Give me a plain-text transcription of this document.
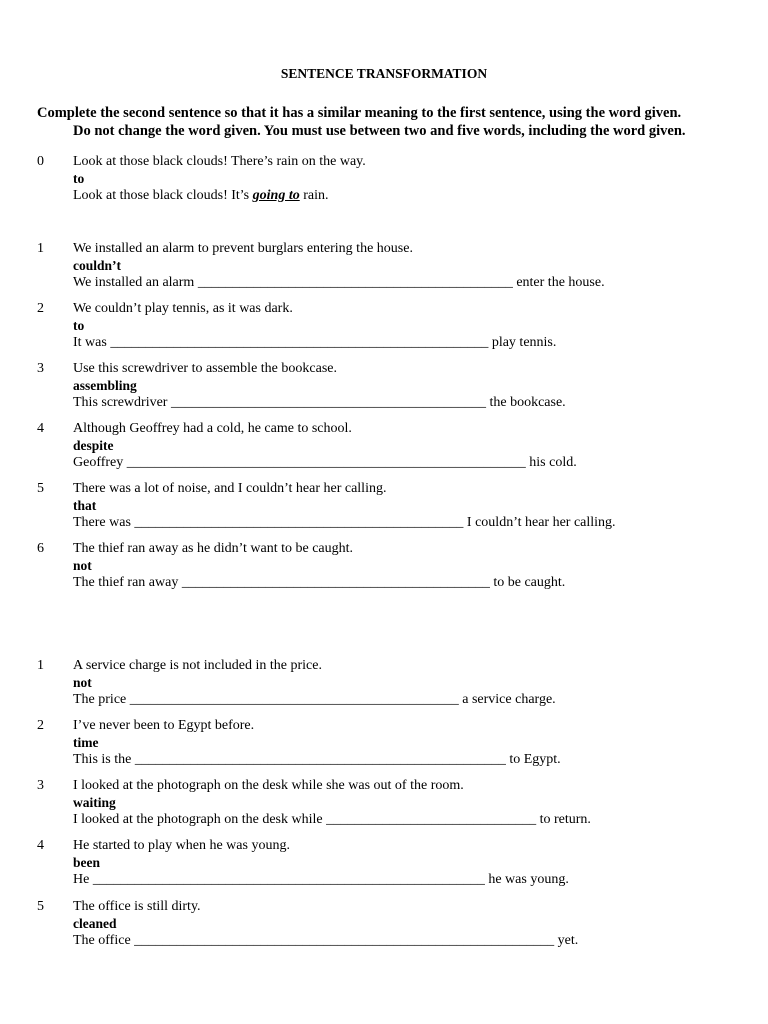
SENTENCE TRANSFORMATION
Complete the second sentence so that it has a similar meaning to the first sentence, using the word given.
Do not change the word given. You must use between two and five words, including the word given.
0 Look at those black clouds! There’s rain on the way.
to
Look at those black clouds! It’s going to rain.
1 We installed an alarm to prevent burglars entering the house.
couldn’t
We installed an alarm _____________________________________________ enter the house.
2 We couldn’t play tennis, as it was dark.
to
It was ______________________________________________________ play tennis.
3 Use this screwdriver to assemble the bookcase.
assembling
This screwdriver _____________________________________________ the bookcase.
4 Although Geoffrey had a cold, he came to school.
despite
Geoffrey _________________________________________________________ his cold.
5 There was a lot of noise, and I couldn’t hear her calling.
that
There was _______________________________________________ I couldn’t hear her calling.
6 The thief ran away as he didn’t want to be caught.
not
The thief ran away ____________________________________________ to be caught.
1 A service charge is not included in the price.
not
The price _______________________________________________ a service charge.
2 I’ve never been to Egypt before.
time
This is the _____________________________________________________ to Egypt.
3 I looked at the photograph on the desk while she was out of the room.
waiting
I looked at the photograph on the desk while ______________________________ to return.
4 He started to play when he was young.
been
He ________________________________________________________ he was young.
5 The office is still dirty.
cleaned
The office ____________________________________________________________ yet.
